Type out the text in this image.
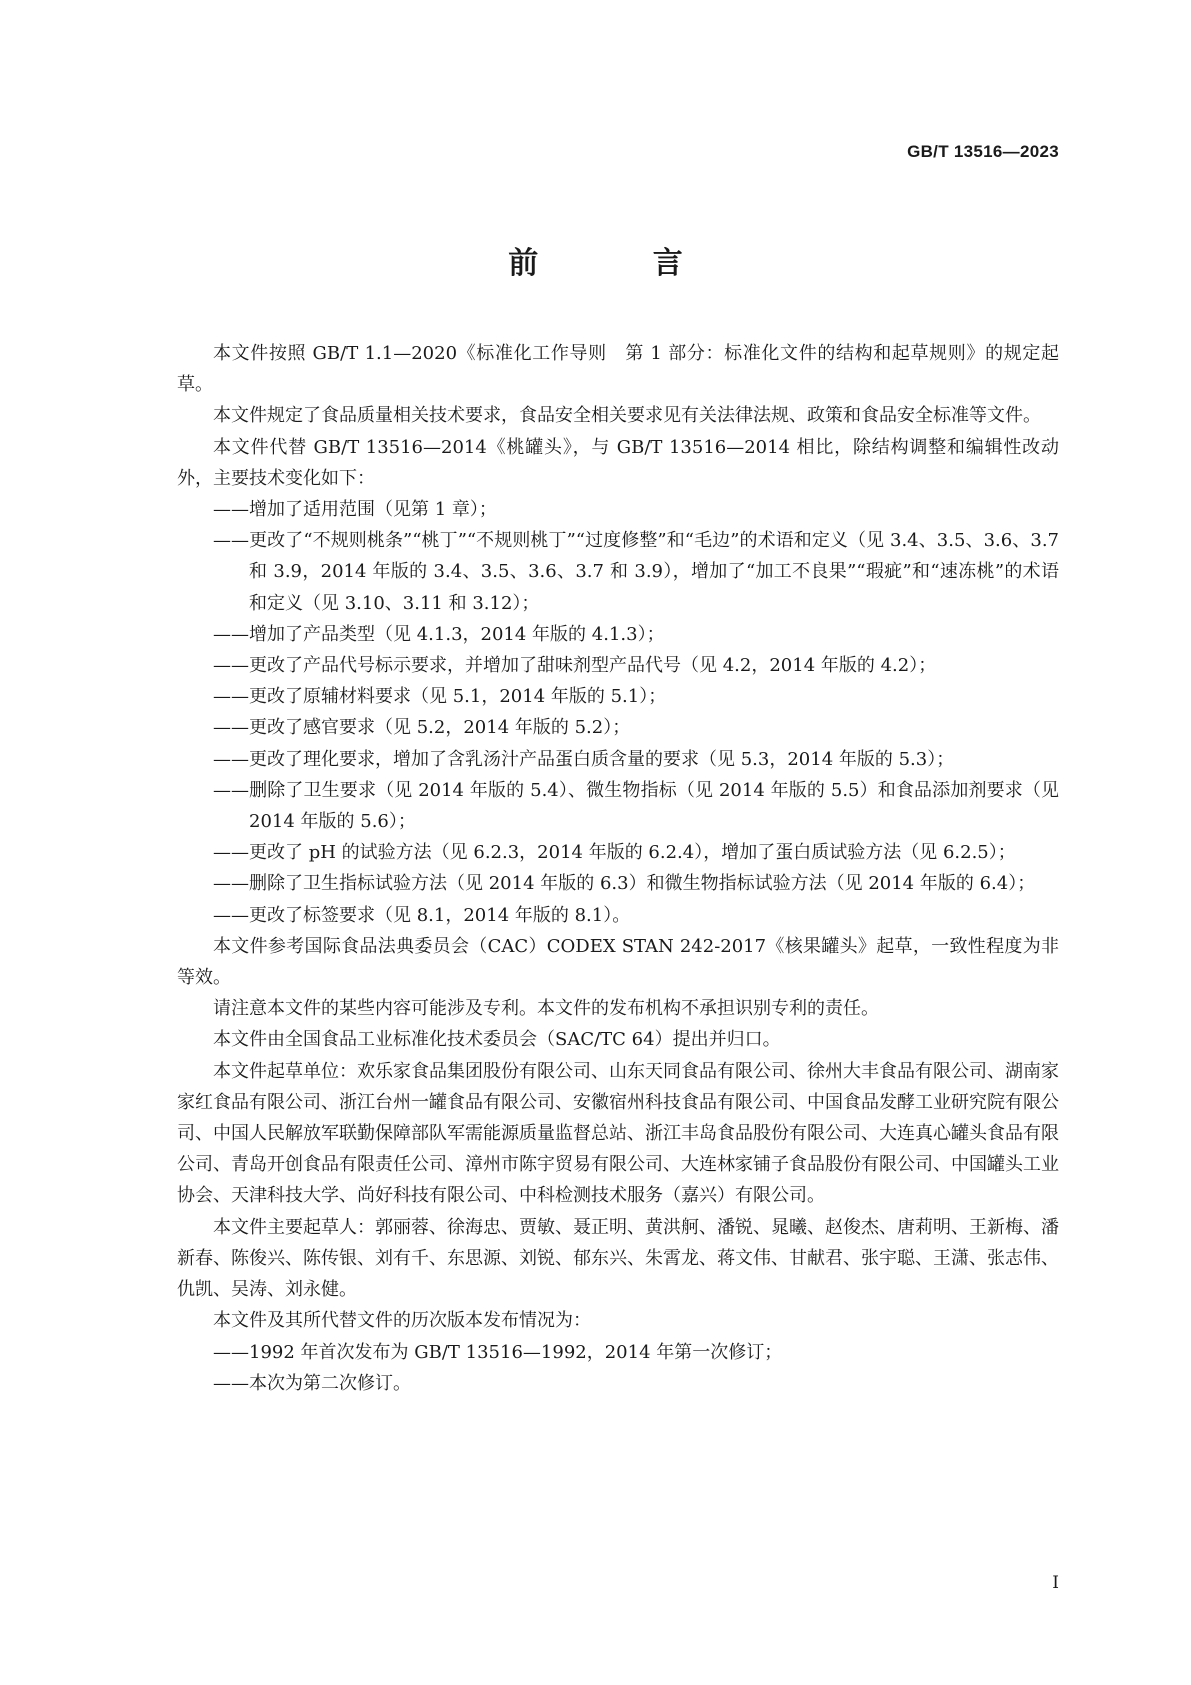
GB/T 13516—2023
前 言

本文件按照 GB/T 1.1—2020《标准化工作导则　第 1 部分：标准化文件的结构和起草规则》的规定起草。

本文件规定了食品质量相关技术要求，食品安全相关要求见有关法律法规、政策和食品安全标准等文件。

本文件代替 GB/T 13516—2014《桃罐头》，与 GB/T 13516—2014 相比，除结构调整和编辑性改动外，主要技术变化如下：

——增加了适用范围（见第 1 章）；

——更改了“不规则桃条”“桃丁”“不规则桃丁”“过度修整”和“毛边”的术语和定义（见 3.4、3.5、3.6、3.7 和 3.9，2014 年版的 3.4、3.5、3.6、3.7 和 3.9），增加了“加工不良果”“瑕疵”和“速冻桃”的术语和定义（见 3.10、3.11 和 3.12）；

——增加了产品类型（见 4.1.3，2014 年版的 4.1.3）；

——更改了产品代号标示要求，并增加了甜味剂型产品代号（见 4.2，2014 年版的 4.2）；

——更改了原辅材料要求（见 5.1，2014 年版的 5.1）；

——更改了感官要求（见 5.2，2014 年版的 5.2）；

——更改了理化要求，增加了含乳汤汁产品蛋白质含量的要求（见 5.3，2014 年版的 5.3）；

——删除了卫生要求（见 2014 年版的 5.4）、微生物指标（见 2014 年版的 5.5）和食品添加剂要求（见 2014 年版的 5.6）；

——更改了 pH 的试验方法（见 6.2.3，2014 年版的 6.2.4），增加了蛋白质试验方法（见 6.2.5）；

——删除了卫生指标试验方法（见 2014 年版的 6.3）和微生物指标试验方法（见 2014 年版的 6.4）；

——更改了标签要求（见 8.1，2014 年版的 8.1）。

本文件参考国际食品法典委员会（CAC）CODEX STAN 242-2017《核果罐头》起草，一致性程度为非等效。

请注意本文件的某些内容可能涉及专利。本文件的发布机构不承担识别专利的责任。

本文件由全国食品工业标准化技术委员会（SAC/TC 64）提出并归口。

本文件起草单位：欢乐家食品集团股份有限公司、山东天同食品有限公司、徐州大丰食品有限公司、湖南家家红食品有限公司、浙江台州一罐食品有限公司、安徽宿州科技食品有限公司、中国食品发酵工业研究院有限公司、中国人民解放军联勤保障部队军需能源质量监督总站、浙江丰岛食品股份有限公司、大连真心罐头食品有限公司、青岛开创食品有限责任公司、漳州市陈宇贸易有限公司、大连林家铺子食品股份有限公司、中国罐头工业协会、天津科技大学、尚好科技有限公司、中科检测技术服务（嘉兴）有限公司。

本文件主要起草人：郭丽蓉、徐海忠、贾敏、聂正明、黄洪舸、潘锐、晁曦、赵俊杰、唐莉明、王新梅、潘新春、陈俊兴、陈传银、刘有千、东思源、刘锐、郁东兴、朱霄龙、蒋文伟、甘献君、张宇聪、王潇、张志伟、仇凯、吴涛、刘永健。

本文件及其所代替文件的历次版本发布情况为：

——1992 年首次发布为 GB/T 13516—1992，2014 年第一次修订；

——本次为第二次修订。

Ⅰ
